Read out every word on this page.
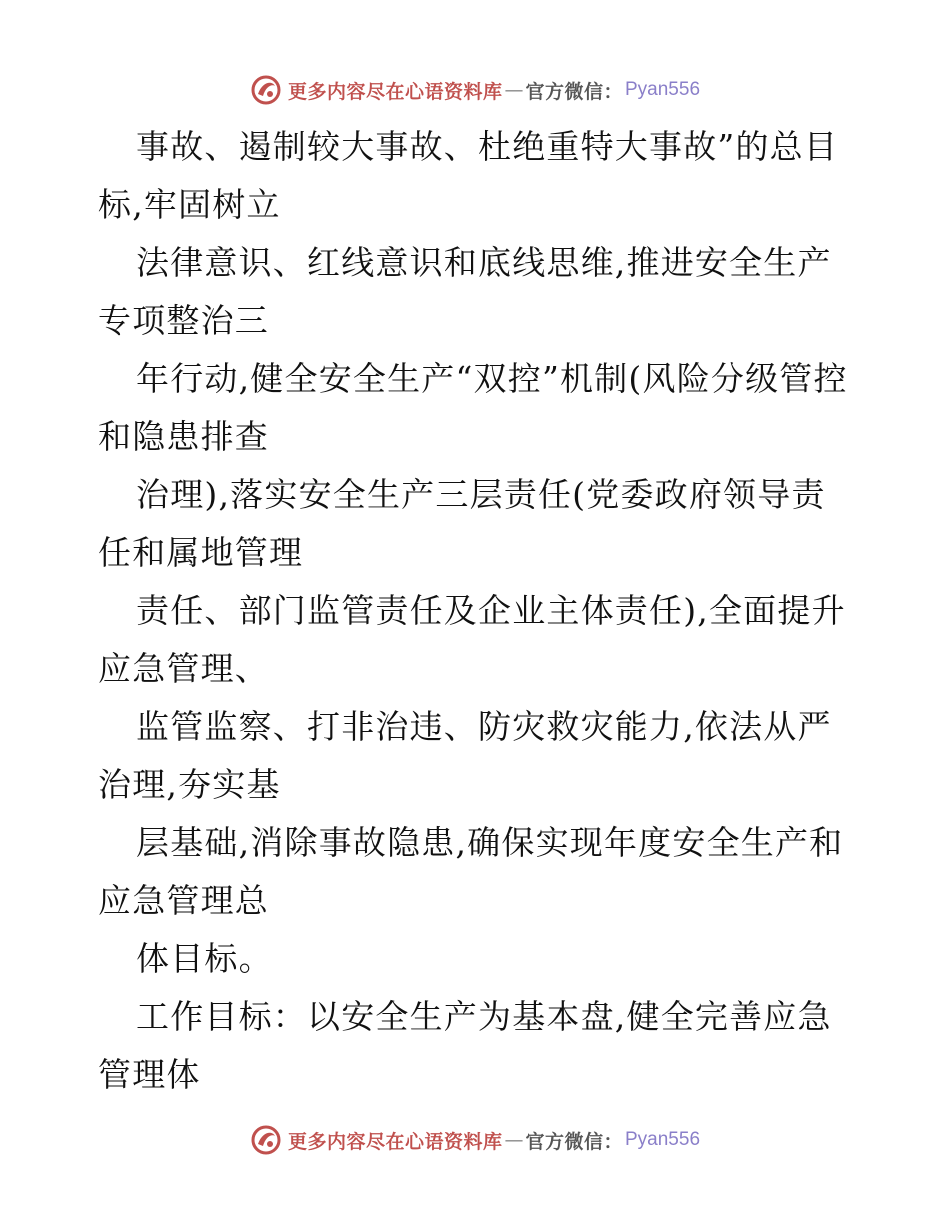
更多内容尽在心语资料库 — 官方微信： Pyan556

事故、遏制较大事故、杜绝重特大事故”的总目标,牢固树立

法律意识、红线意识和底线思维,推进安全生产专项整治三

年行动,健全安全生产“双控”机制(风险分级管控和隐患排查

治理),落实安全生产三层责任(党委政府领导责任和属地管理

责任、部门监管责任及企业主体责任),全面提升应急管理、

监管监察、打非治违、防灾救灾能力,依法从严治理,夯实基

层基础,消除事故隐患,确保实现年度安全生产和应急管理总

体目标。

工作目标：以安全生产为基本盘,健全完善应急管理体

更多内容尽在心语资料库 — 官方微信： Pyan556
